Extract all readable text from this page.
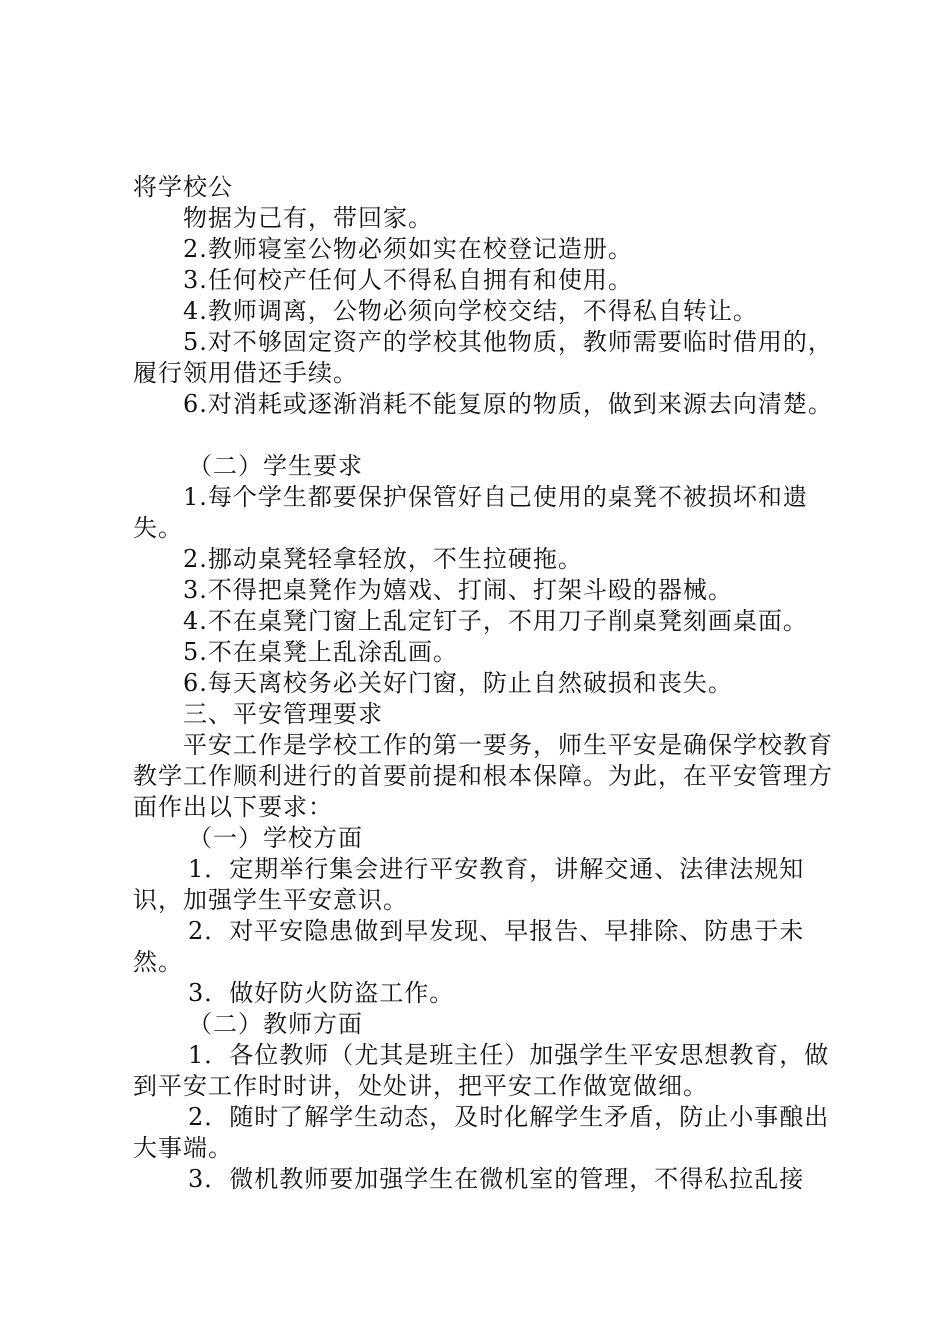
将学校公

物据为己有，带回家。

2.教师寝室公物必须如实在校登记造册。

3.任何校产任何人不得私自拥有和使用。

4.教师调离，公物必须向学校交结，不得私自转让。

5.对不够固定资产的学校其他物质，教师需要临时借用的，履行领用借还手续。

6.对消耗或逐渐消耗不能复原的物质，做到来源去向清楚。

（二）学生要求

1.每个学生都要保护保管好自己使用的桌凳不被损坏和遗失。

2.挪动桌凳轻拿轻放，不生拉硬拖。

3.不得把桌凳作为嬉戏、打闹、打架斗殴的器械。

4.不在桌凳门窗上乱定钉子，不用刀子削桌凳刻画桌面。

5.不在桌凳上乱涂乱画。

6.每天离校务必关好门窗，防止自然破损和丧失。

三、平安管理要求

平安工作是学校工作的第一要务，师生平安是确保学校教育教学工作顺利进行的首要前提和根本保障。为此，在平安管理方面作出以下要求：

（一）学校方面

1．定期举行集会进行平安教育，讲解交通、法律法规知识，加强学生平安意识。

2．对平安隐患做到早发现、早报告、早排除、防患于未然。

3．做好防火防盗工作。

（二）教师方面

1．各位教师（尤其是班主任）加强学生平安思想教育，做到平安工作时时讲，处处讲，把平安工作做宽做细。

2．随时了解学生动态，及时化解学生矛盾，防止小事酿出大事端。

3．微机教师要加强学生在微机室的管理，不得私拉乱接
